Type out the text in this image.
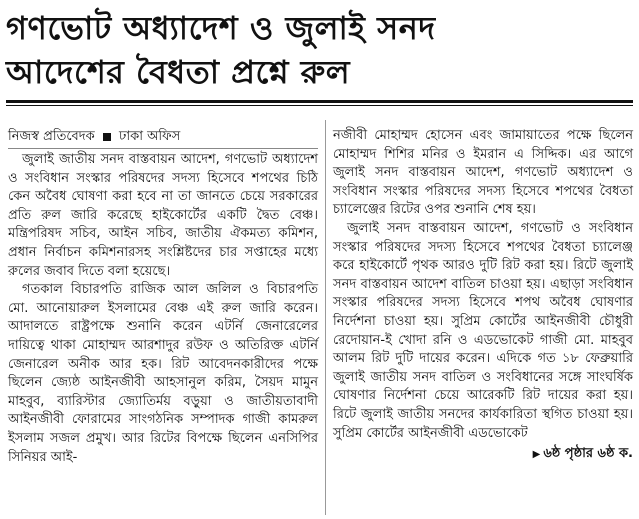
গণভোট অধ্যাদেশ ও জুলাই সনদ
আদেশের বৈধতা প্রশ্নে রুল
নিজস্ব প্রতিবেদক ঢাকা অফিস

জুলাই জাতীয় সনদ বাস্তবায়ন আদেশ, গণভোট অধ্যাদেশ ও সংবিধান সংস্কার পরিষদের সদস্য হিসেবে শপথের চিঠি কেন অবৈধ ঘোষণা করা হবে না তা জানতে চেয়ে সরকারের প্রতি রুল জারি করেছে হাইকোর্টের একটি দ্বৈত বেঞ্চ। মন্ত্রিপরিষদ সচিব, আইন সচিব, জাতীয় ঐকমত্য কমিশন, প্রধান নির্বাচন কমিশনারসহ সংশ্লিষ্টদের চার সপ্তাহের মধ্যে রুলের জবাব দিতে বলা হয়েছে।

গতকাল বিচারপতি রাজিক আল জলিল ও বিচারপতি মো. আনোয়ারুল ইসলামের বেঞ্চ এই রুল জারি করেন। আদালতে রাষ্ট্রপক্ষে শুনানি করেন এটর্নি জেনারেলের দায়িত্বে থাকা মোহাম্মদ আরশাদুর রউফ ও অতিরিক্ত এটর্নি জেনারেল অনীক আর হক। রিট আবেদনকারীদের পক্ষে ছিলেন জ্যেষ্ঠ আইনজীবী আহসানুল করিম, সৈয়দ মামুন মাহবুব, ব্যারিস্টার জ্যোতির্ময় বড়ুয়া ও জাতীয়তাবাদী আইনজীবী ফোরামের সাংগঠনিক সম্পাদক গাজী কামরুল ইসলাম সজল প্রমুখ। আর রিটের বিপক্ষে ছিলেন এনসিপির সিনিয়র আই-

নজীবী মোহাম্মদ হোসেন এবং জামায়াতের পক্ষে ছিলেন মোহাম্মদ শিশির মনির ও ইমরান এ সিদ্দিক। এর আগে জুলাই সনদ বাস্তবায়ন আদেশ, গণভোট অধ্যাদেশ ও সংবিধান সংস্কার পরিষদের সদস্য হিসেবে শপথের বৈধতা চ্যালেঞ্জের রিটের ওপর শুনানি শেষ হয়।

জুলাই সনদ বাস্তবায়ন আদেশ, গণভোট ও সংবিধান সংস্কার পরিষদের সদস্য হিসেবে শপথের বৈধতা চ্যালেঞ্জ করে হাইকোর্টে পৃথক আরও দুটি রিট করা হয়। রিটে জুলাই সনদ বাস্তবায়ন আদেশ বাতিল চাওয়া হয়। এছাড়া সংবিধান সংস্কার পরিষদের সদস্য হিসেবে শপথ অবৈধ ঘোষণার নির্দেশনা চাওয়া হয়। সুপ্রিম কোর্টের আইনজীবী চৌধুরী রেদোয়ান-ই খোদা রনি ও এডভোকেট গাজী মো. মাহবুব আলম রিট দুটি দায়ের করেন। এদিকে গত ১৮ ফেব্রুয়ারি জুলাই জাতীয় সনদ বাতিল ও সংবিধানের সঙ্গে সাংঘর্ষিক ঘোষণার নির্দেশনা চেয়ে আরেকটি রিট দায়ের করা হয়। রিটে জুলাই জাতীয় সনদের কার্যকারিতা স্থগিত চাওয়া হয়। সুপ্রিম কোর্টের আইনজীবী এডভোকেট

▶ ৬ষ্ঠ পৃষ্ঠার ৬ষ্ঠ ক.
